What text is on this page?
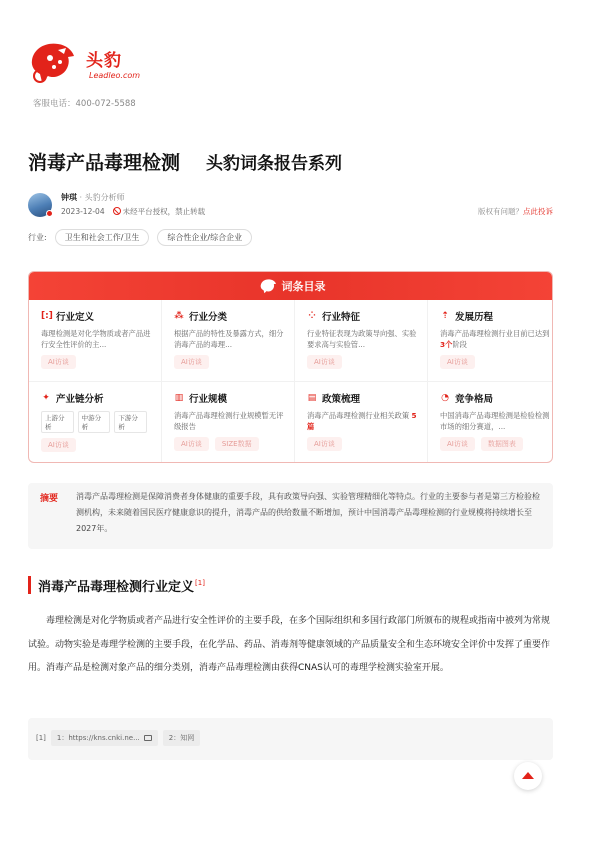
头豹
Leadleo.com
客服电话：400-072-5588
消毒产品毒理检测 头豹词条报告系列
钟琪 · 头豹分析师
2023-12-04 未经平台授权，禁止转载	版权有问题？点此投诉
行业:	卫生和社会工作/卫生	综合性企业/综合企业
词条目录
[:] 行业定义
毒理检测是对化学物质或者产品进行安全性评价的主...
AI访谈
⁂ 行业分类
根据产品的特性及暴露方式，细分消毒产品的毒理...
AI访谈
⁘ 行业特征
行业特征表现为政策导向强、实验要求高与实验管...
AI访谈
⇡ 发展历程
消毒产品毒理检测行业目前已达到 3个阶段
AI访谈
✦ 产业链分析
上游分析
中游分析
下游分析
AI访谈
▥ 行业规模
消毒产品毒理检测行业规模暂无评级报告
AI访谈	SIZE数据
▤ 政策梳理
消毒产品毒理检测行业相关政策 5篇
AI访谈
◔ 竞争格局
中国消毒产品毒理检测是检验检测市场的细分赛道，...
AI访谈	数据图表
摘要 消毒产品毒理检测是保障消费者身体健康的重要手段，具有政策导向强、实验管理精细化等特点。行业的主要参与者是第三方检验检测机构，未来随着国民医疗健康意识的提升，消毒产品的供给数量不断增加，预计中国消毒产品毒理检测的行业规模将持续增长至2027年。
消毒产品毒理检测行业定义[1]
毒理检测是对化学物质或者产品进行安全性评价的主要手段，在多个国际组织和多国行政部门所颁布的规程或指南中被列为常规试验。动物实验是毒理学检测的主要手段，在化学品、药品、消毒剂等健康领域的产品质量安全和生态环境安全评价中发挥了重要作用。消毒产品是检测对象产品的细分类别，消毒产品毒理检测由获得CNAS认可的毒理学检测实验室开展。
[1] 1：https://kns.cnki.ne...	2：知网
